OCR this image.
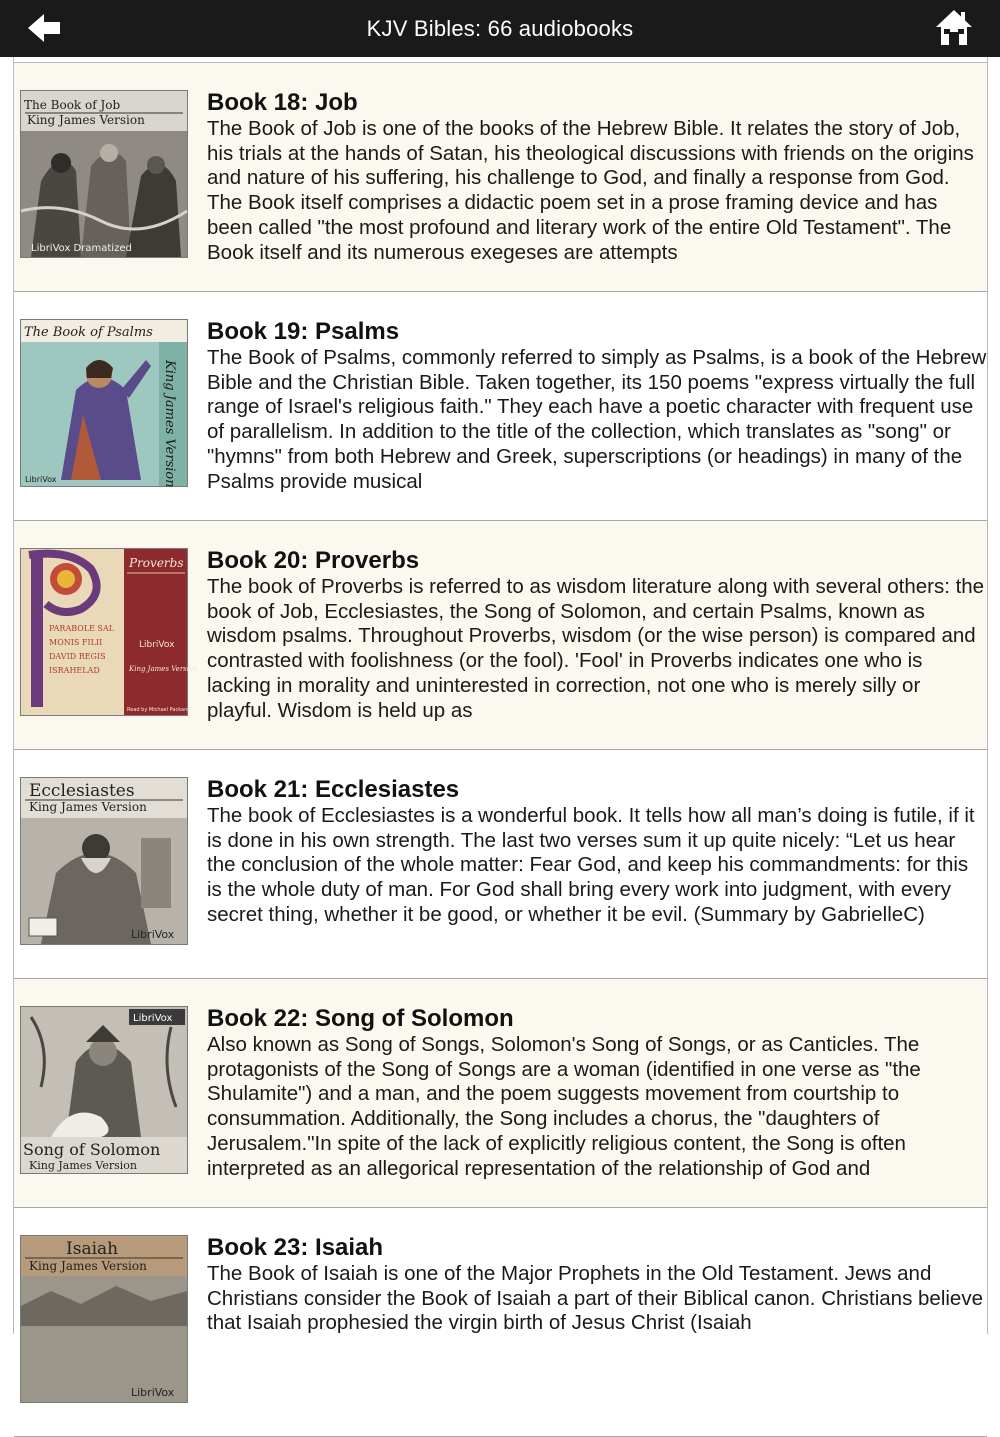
KJV Bibles: 66 audiobooks
The Book of Job
King James Version
LibriVox Dramatized
Book 18: Job
The Book of Job is one of the books of the Hebrew Bible. It relates the story of Job, his trials at the hands of Satan, his theological discussions with friends on the origins and nature of his suffering, his challenge to God, and finally a response from God. The Book itself comprises a didactic poem set in a prose framing device and has been called "the most profound and literary work of the entire Old Testament". The Book itself and its numerous exegeses are attempts
The Book of Psalms
King James Version
LibriVox
Book 19: Psalms
The Book of Psalms, commonly referred to simply as Psalms, is a book of the Hebrew Bible and the Christian Bible. Taken together, its 150 poems "express virtually the full range of Israel's religious faith." They each have a poetic character with frequent use of parallelism. In addition to the title of the collection, which translates as "song" or "hymns" from both Hebrew and Greek, superscriptions (or headings) in many of the Psalms provide musical
PARABOLE SAL
MONIS FILII
DAVID REGIS
ISRAHELAD
Proverbs
LibriVox
King James Version
Read by Michael Packard
Book 20: Proverbs
The book of Proverbs is referred to as wisdom literature along with several others: the book of Job, Ecclesiastes, the Song of Solomon, and certain Psalms, known as wisdom psalms. Throughout Proverbs, wisdom (or the wise person) is compared and contrasted with foolishness (or the fool). 'Fool' in Proverbs indicates one who is lacking in morality and uninterested in correction, not one who is merely silly or playful. Wisdom is held up as
Ecclesiastes
King James Version
LibriVox
Book 21: Ecclesiastes
The book of Ecclesiastes is a wonderful book. It tells how all man’s doing is futile, if it is done in his own strength. The last two verses sum it up quite nicely: “Let us hear the conclusion of the whole matter: Fear God, and keep his commandments: for this is the whole duty of man. For God shall bring every work into judgment, with every secret thing, whether it be good, or whether it be evil. (Summary by GabrielleC)
LibriVox
Song of Solomon
King James Version
Book 22: Song of Solomon
Also known as Song of Songs, Solomon's Song of Songs, or as Canticles. The protagonists of the Song of Songs are a woman (identified in one verse as "the Shulamite") and a man, and the poem suggests movement from courtship to consummation. Additionally, the Song includes a chorus, the "daughters of Jerusalem."In spite of the lack of explicitly religious content, the Song is often interpreted as an allegorical representation of the relationship of God and
Isaiah
King James Version
LibriVox
Book 23: Isaiah
The Book of Isaiah is one of the Major Prophets in the Old Testament. Jews and Christians consider the Book of Isaiah a part of their Biblical canon. Christians believe that Isaiah prophesied the virgin birth of Jesus Christ (Isaiah
